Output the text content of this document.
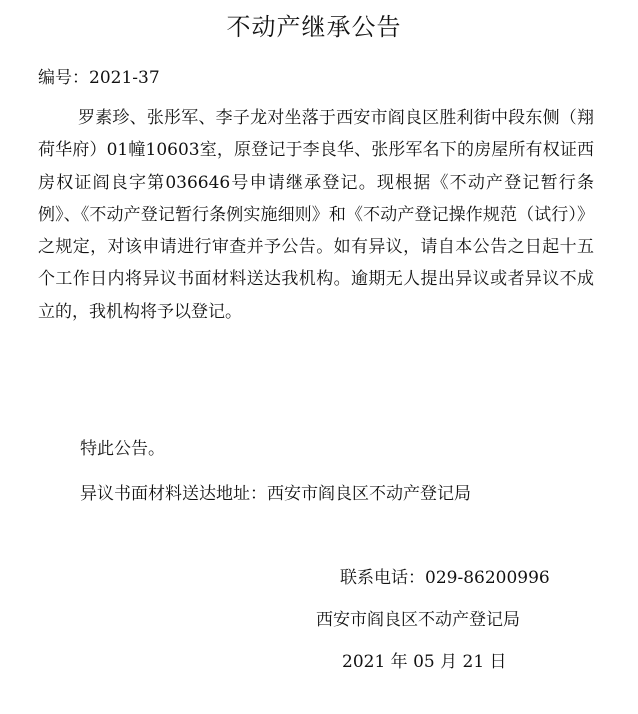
不动产继承公告
编号：2021-37

罗素珍、张彤军、李子龙对坐落于西安市阎良区胜利街中段东侧（翔荷华府）01幢10603室，原登记于李良华、张彤军名下的房屋所有权证西房权证阎良字第036646号申请继承登记。现根据《不动产登记暂行条例》、《不动产登记暂行条例实施细则》和《不动产登记操作规范（试行）》之规定，对该申请进行审查并予公告。如有异议，请自本公告之日起十五个工作日内将异议书面材料送达我机构。逾期无人提出异议或者异议不成立的，我机构将予以登记。

特此公告。
异议书面材料送达地址：西安市阎良区不动产登记局
联系电话：029-86200996
西安市阎良区不动产登记局
2021 年 05 月 21 日
